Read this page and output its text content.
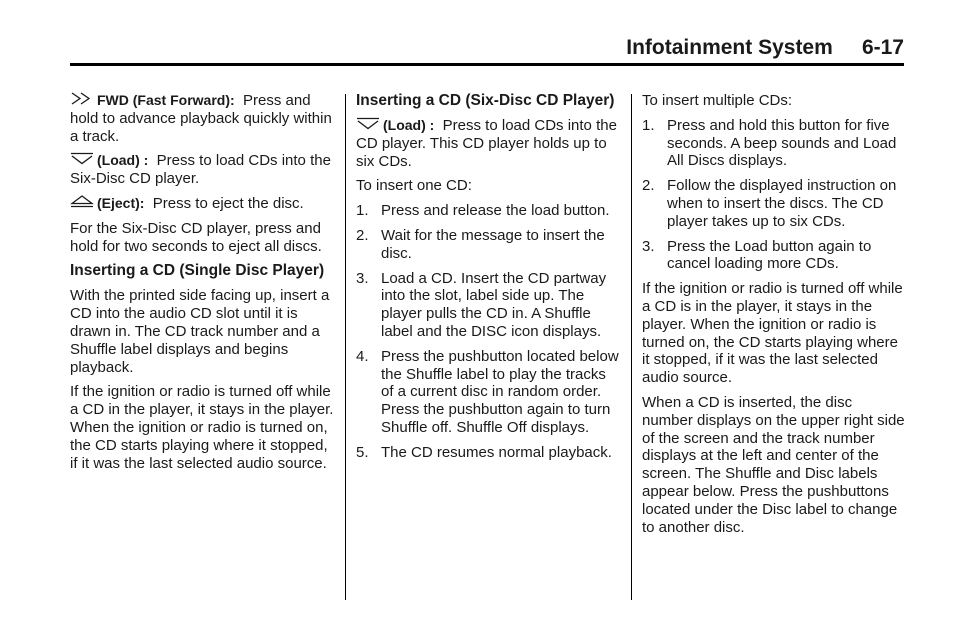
Infotainment System     6-17

FWD (Fast Forward): Press and hold to advance playback quickly within a track.

(Load) : Press to load CDs into the Six-Disc CD player.

(Eject): Press to eject the disc.

For the Six-Disc CD player, press and hold for two seconds to eject all discs.

Inserting a CD (Single Disc Player)

With the printed side facing up, insert a CD into the audio CD slot until it is drawn in. The CD track number and a Shuffle label displays and begins playback.

If the ignition or radio is turned off while a CD in the player, it stays in the player. When the ignition or radio is turned on, the CD starts playing where it stopped, if it was the last selected audio source.

Inserting a CD (Six-Disc CD Player)

(Load) : Press to load CDs into the CD player. This CD player holds up to six CDs.

To insert one CD:

1. Press and release the load button.
2. Wait for the message to insert the disc.
3. Load a CD. Insert the CD partway into the slot, label side up. The player pulls the CD in. A Shuffle label and the DISC icon displays.
4. Press the pushbutton located below the Shuffle label to play the tracks of a current disc in random order. Press the pushbutton again to turn Shuffle off. Shuffle Off displays.
5. The CD resumes normal playback.

To insert multiple CDs:

1. Press and hold this button for five seconds. A beep sounds and Load All Discs displays.
2. Follow the displayed instruction on when to insert the discs. The CD player takes up to six CDs.
3. Press the Load button again to cancel loading more CDs.

If the ignition or radio is turned off while a CD is in the player, it stays in the player. When the ignition or radio is turned on, the CD starts playing where it stopped, if it was the last selected audio source.

When a CD is inserted, the disc number displays on the upper right side of the screen and the track number displays at the left and center of the screen. The Shuffle and Disc labels appear below. Press the pushbuttons located under the Disc label to change to another disc.
